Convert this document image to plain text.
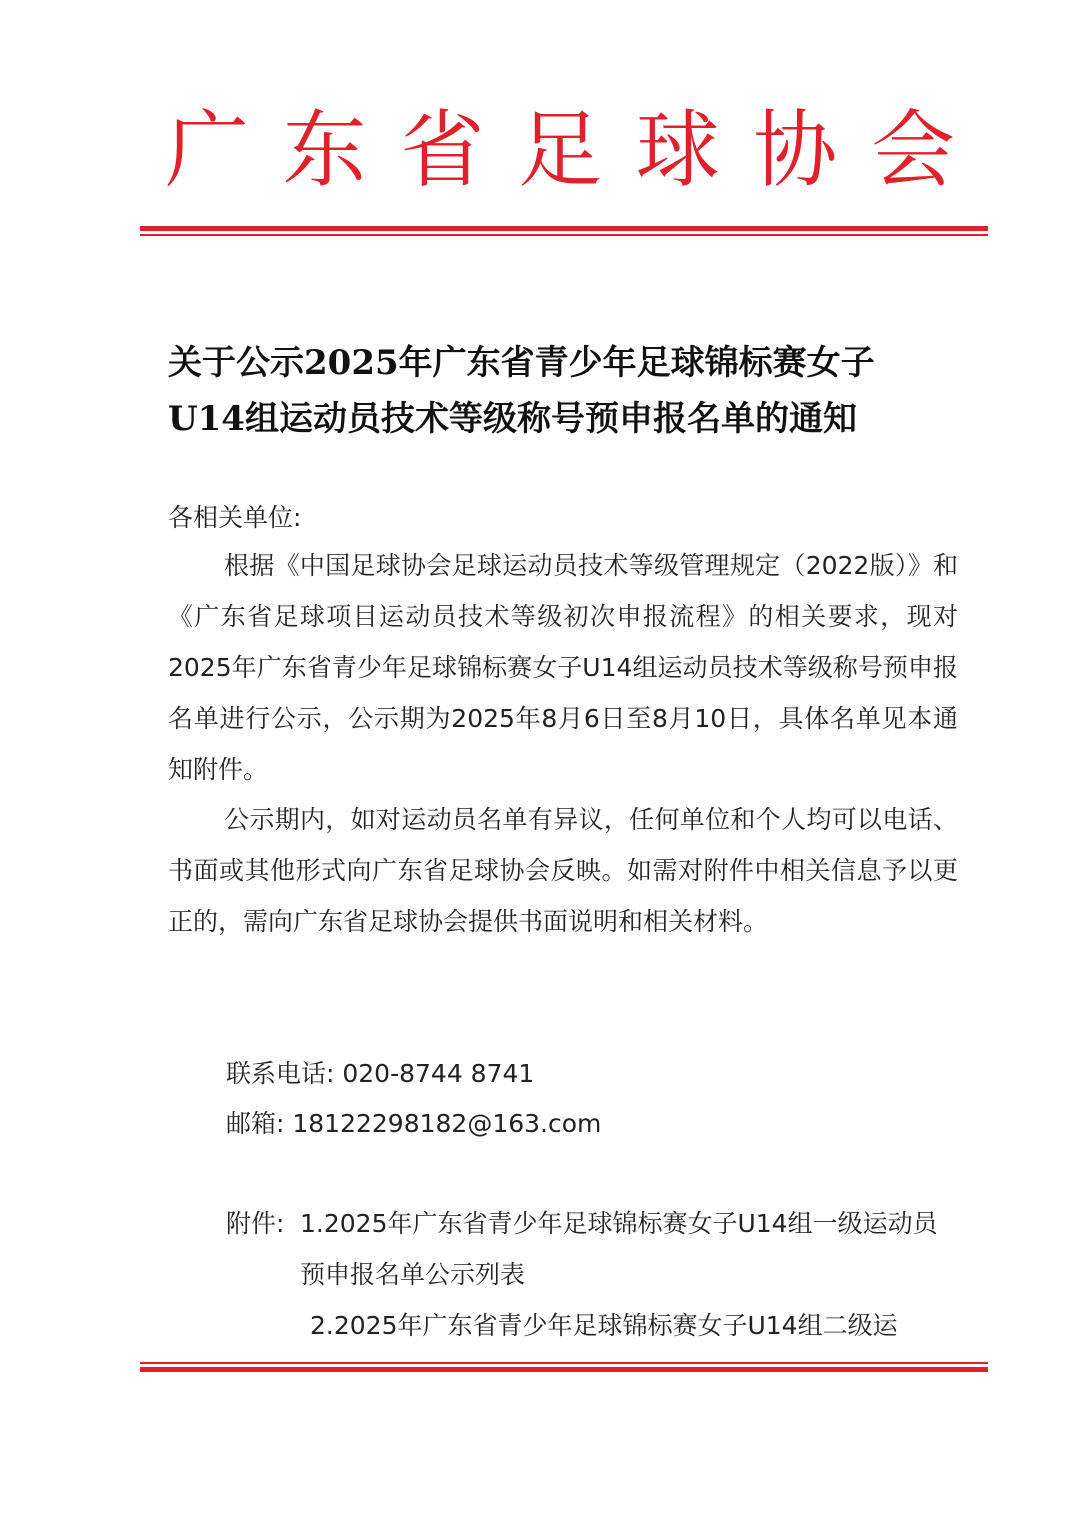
广 东 省 足 球 协 会
关于公示2025年广东省青少年足球锦标赛女子
U14组运动员技术等级称号预申报名单的通知
各相关单位:
根据《中国足球协会足球运动员技术等级管理规定（2022版）》和《广东省足球项目运动员技术等级初次申报流程》的相关要求，现对2025年广东省青少年足球锦标赛女子U14组运动员技术等级称号预申报名单进行公示，公示期为2025年8月6日至8月10日，具体名单见本通知附件。
公示期内，如对运动员名单有异议，任何单位和个人均可以电话、书面或其他形式向广东省足球协会反映。如需对附件中相关信息予以更正的，需向广东省足球协会提供书面说明和相关材料。
联系电话: 020-8744 8741
邮箱: 18122298182@163.com
附件: 1.2025年广东省青少年足球锦标赛女子U14组一级运动员预申报名单公示列表
2.2025年广东省青少年足球锦标赛女子U14组二级运
